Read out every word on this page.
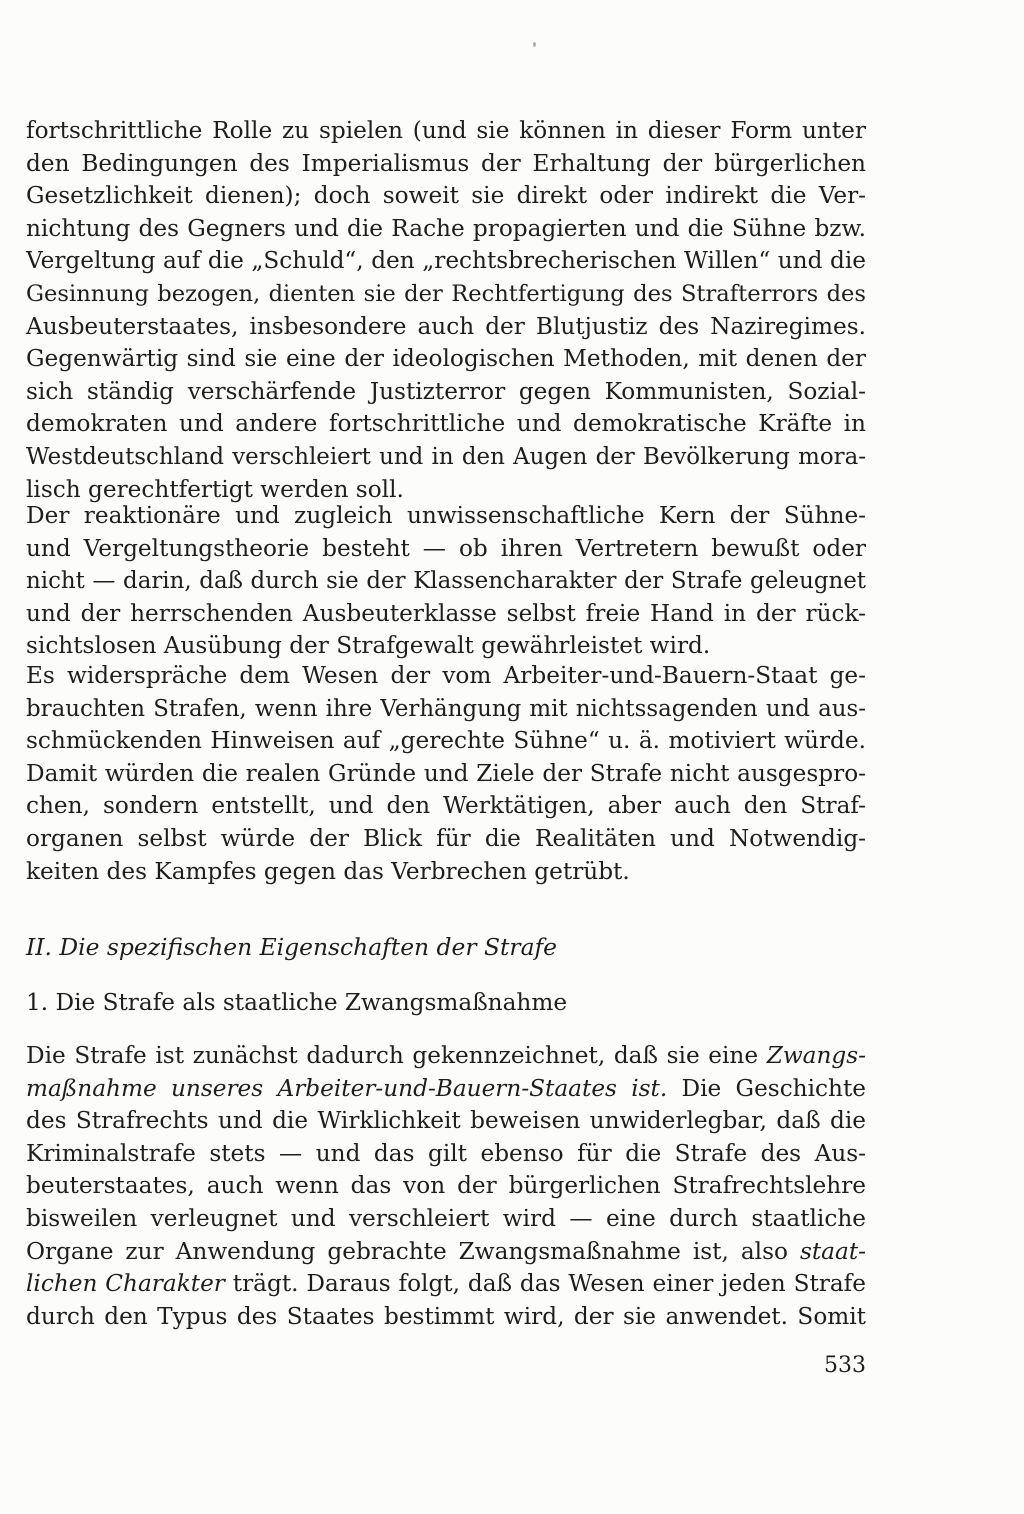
fortschrittliche Rolle zu spielen (und sie können in dieser Form unter
den Bedingungen des Imperialismus der Erhaltung der bürgerlichen
Gesetzlichkeit dienen); doch soweit sie direkt oder indirekt die Ver-
nichtung des Gegners und die Rache propagierten und die Sühne bzw.
Vergeltung auf die „Schuld“, den „rechtsbrecherischen Willen“ und die
Gesinnung bezogen, dienten sie der Rechtfertigung des Strafterrors des
Ausbeuterstaates, insbesondere auch der Blutjustiz des Naziregimes.
Gegenwärtig sind sie eine der ideologischen Methoden, mit denen der
sich ständig verschärfende Justizterror gegen Kommunisten, Sozial-
demokraten und andere fortschrittliche und demokratische Kräfte in
Westdeutschland verschleiert und in den Augen der Bevölkerung mora-
lisch gerechtfertigt werden soll.
Der reaktionäre und zugleich unwissenschaftliche Kern der Sühne-
und Vergeltungstheorie besteht — ob ihren Vertretern bewußt oder
nicht — darin, daß durch sie der Klassencharakter der Strafe geleugnet
und der herrschenden Ausbeuterklasse selbst freie Hand in der rück-
sichtslosen Ausübung der Strafgewalt gewährleistet wird.
Es widerspräche dem Wesen der vom Arbeiter-und-Bauern-Staat ge-
brauchten Strafen, wenn ihre Verhängung mit nichtssagenden und aus-
schmückenden Hinweisen auf „gerechte Sühne“ u. ä. motiviert würde.
Damit würden die realen Gründe und Ziele der Strafe nicht ausgespro-
chen, sondern entstellt, und den Werktätigen, aber auch den Straf-
organen selbst würde der Blick für die Realitäten und Notwendig-
keiten des Kampfes gegen das Verbrechen getrübt.
II. Die spezifischen Eigenschaften der Strafe
1. Die Strafe als staatliche Zwangsmaßnahme
Die Strafe ist zunächst dadurch gekennzeichnet, daß sie eine Zwangs-
maßnahme unseres Arbeiter-und-Bauern-Staates ist. Die Geschichte
des Strafrechts und die Wirklichkeit beweisen unwiderlegbar, daß die
Kriminalstrafe stets — und das gilt ebenso für die Strafe des Aus-
beuterstaates, auch wenn das von der bürgerlichen Strafrechtslehre
bisweilen verleugnet und verschleiert wird — eine durch staatliche
Organe zur Anwendung gebrachte Zwangsmaßnahme ist, also staat-
lichen Charakter trägt. Daraus folgt, daß das Wesen einer jeden Strafe
durch den Typus des Staates bestimmt wird, der sie anwendet. Somit
533
